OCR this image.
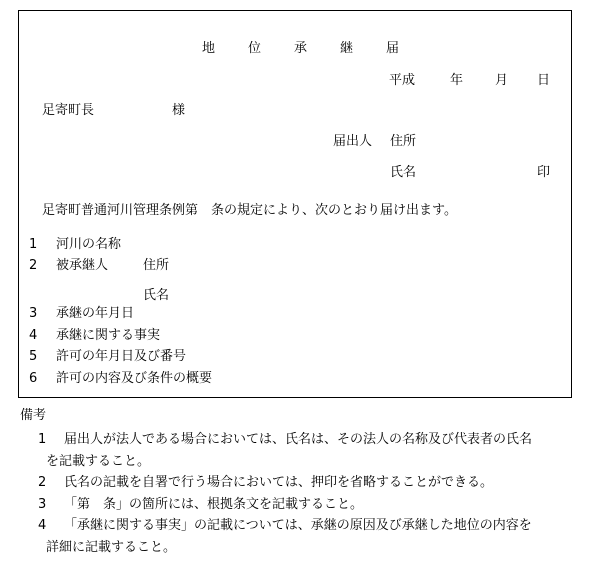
地	位	承	継	届
平成	年 月 日
足寄町長	様
届出人 住所
氏名	印
足寄町普通河川管理条例第　条の規定により、次のとおり届け出ます。
1 河川の名称
2 被承継人	住所
氏名
3 承継の年月日
4 承継に関する事実
5 許可の年月日及び番号
6 許可の内容及び条件の概要
備考
1 届出人が法人である場合においては、氏名は、その法人の名称及び代表者の氏名
を記載すること。
2 氏名の記載を自署で行う場合においては、押印を省略することができる。
3 「第　条」の箇所には、根拠条文を記載すること。
4 「承継に関する事実」の記載については、承継の原因及び承継した地位の内容を
詳細に記載すること。
